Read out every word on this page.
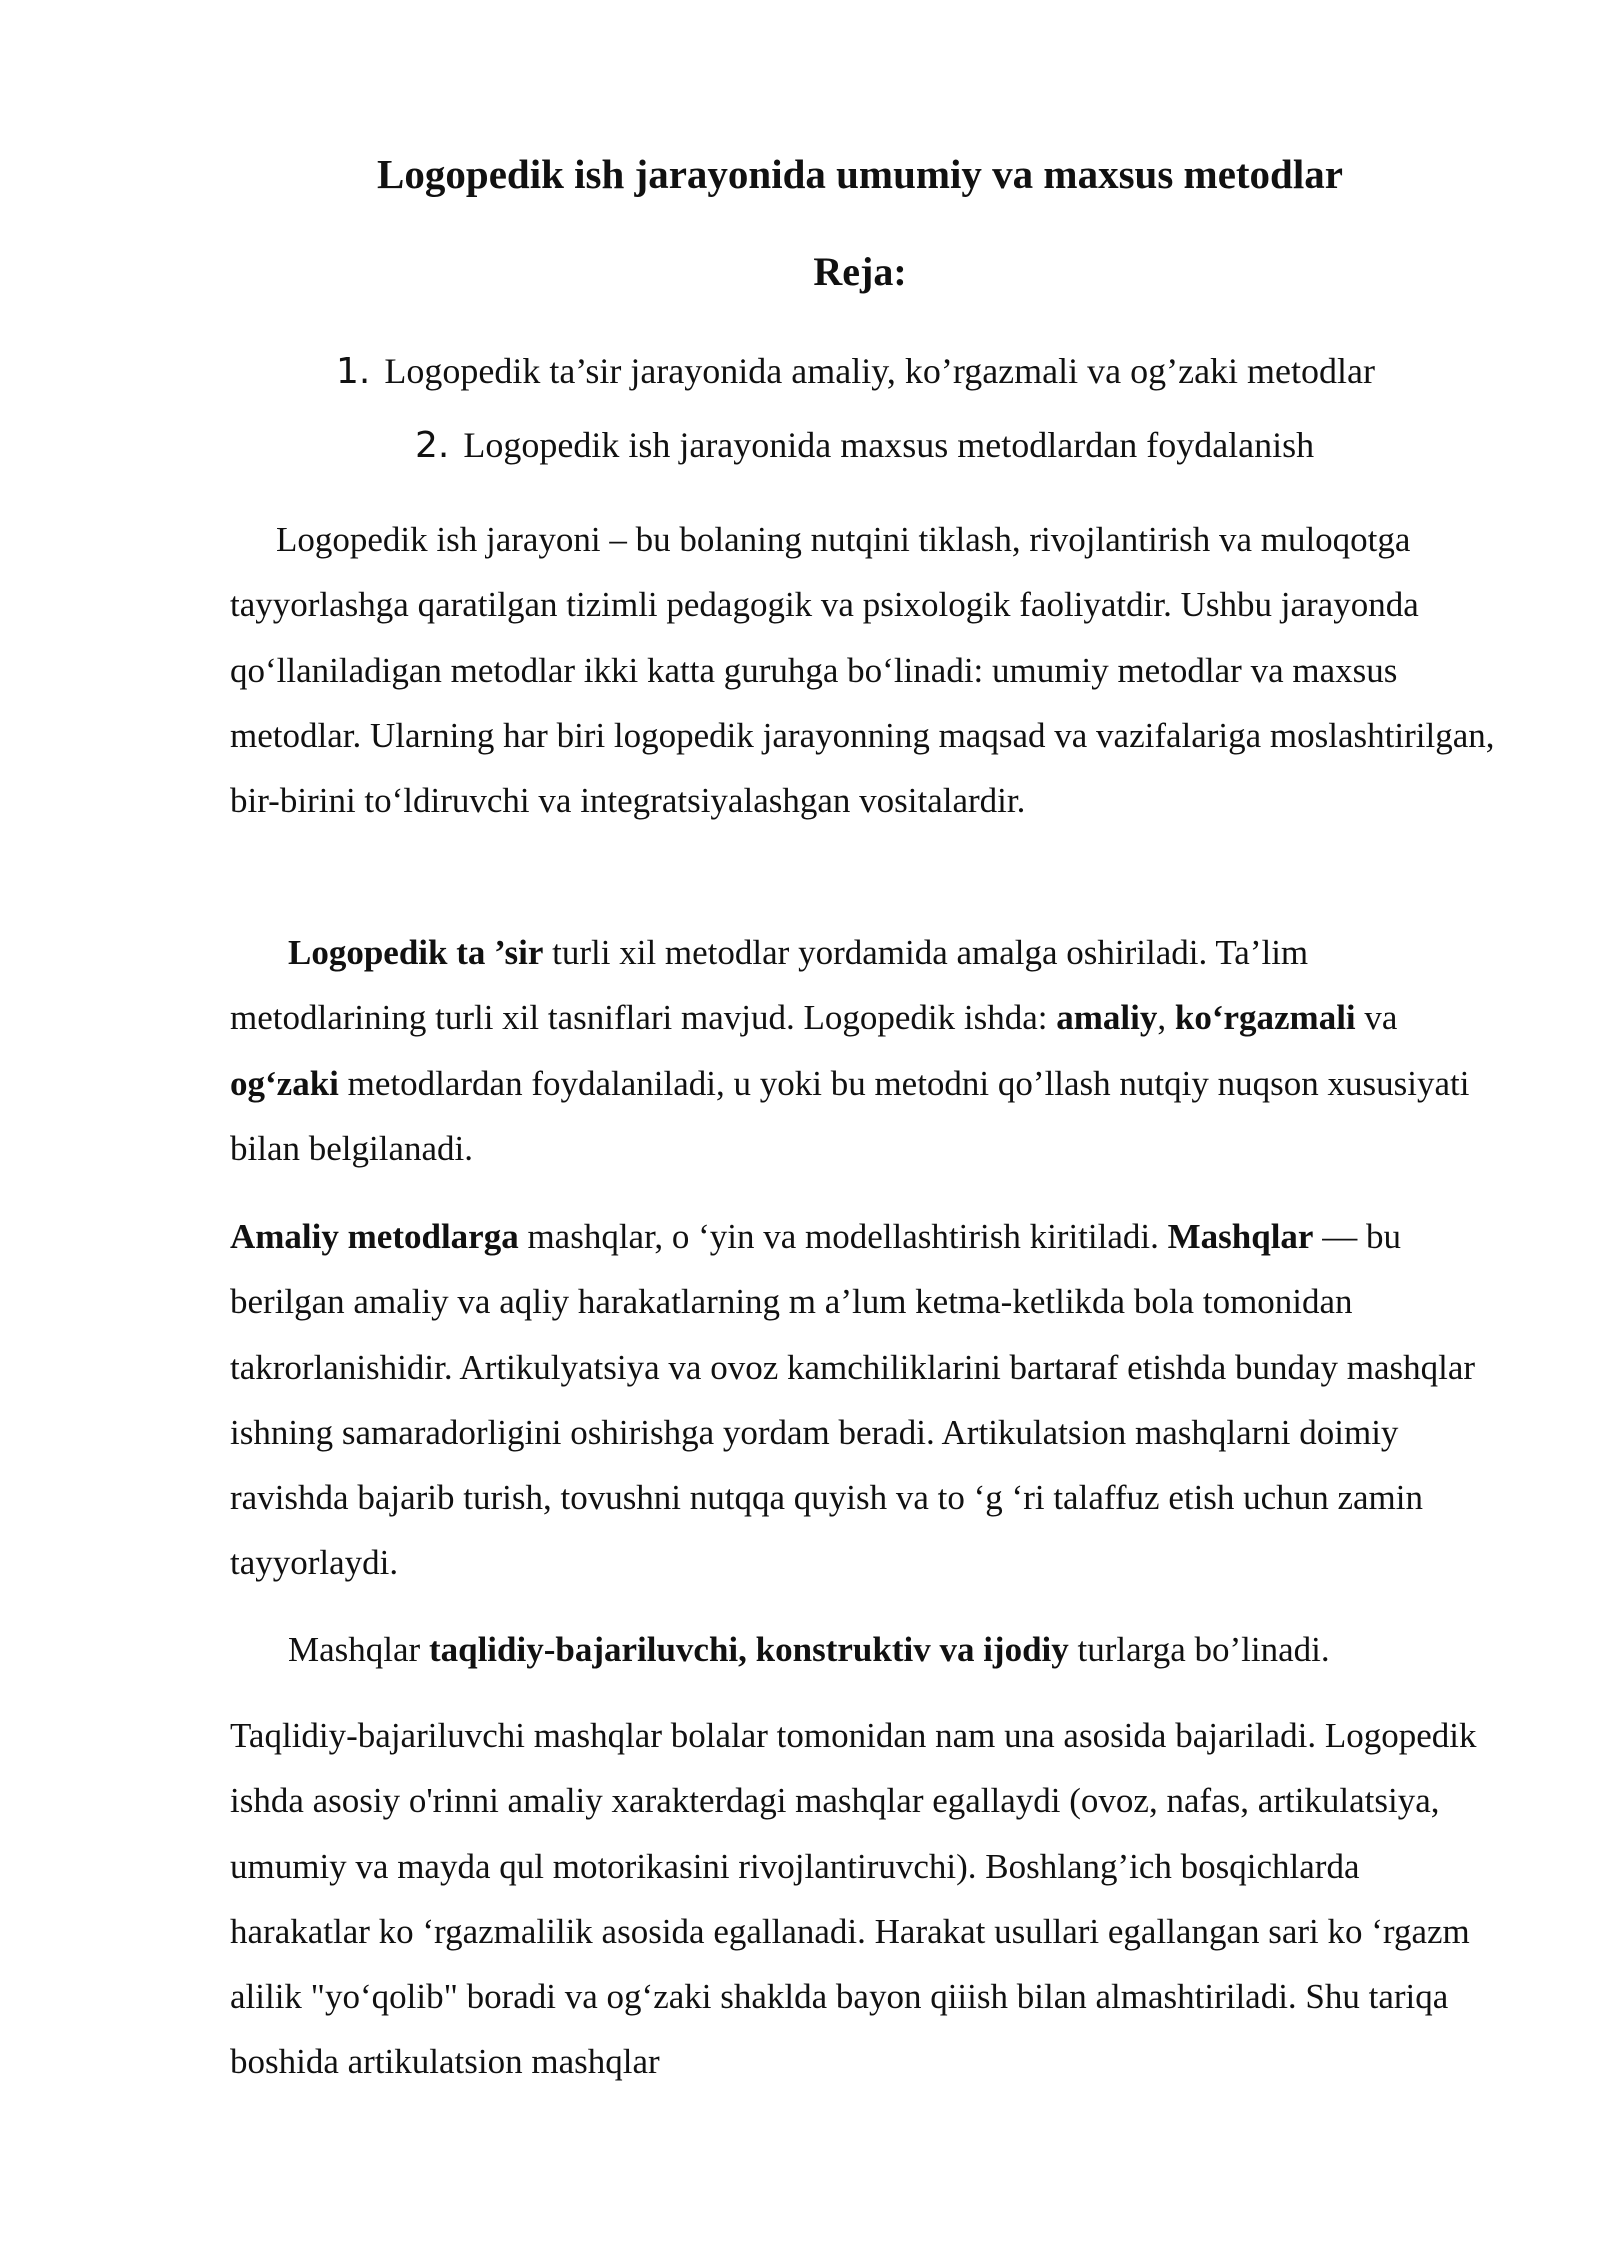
Logopedik ish jarayonida umumiy va maxsus metodlar
Reja:

1. Logopedik ta’sir jarayonida amaliy, ko’rgazmali va og’zaki metodlar

2. Logopedik ish jarayonida maxsus metodlardan foydalanish

Logopedik ish jarayoni – bu bolaning nutqini tiklash, rivojlantirish va muloqotga tayyorlashga qaratilgan tizimli pedagogik va psixologik faoliyatdir. Ushbu jarayonda qo‘llaniladigan metodlar ikki katta guruhga bo‘linadi: umumiy metodlar va maxsus metodlar. Ularning har biri logopedik jarayonning maqsad va vazifalariga moslashtirilgan, bir-birini to‘ldiruvchi va integratsiyalashgan vositalardir.

Logopedik ta ’sir turli xil metodlar yordamida amalga oshiriladi. Ta’lim metodlarining turli xil tasniflari mavjud. Logopedik ishda: amaliy, ko‘rgazmali va og‘zaki metodlardan foydalaniladi, u yoki bu metodni qo’llash nutqiy nuqson xususiyati bilan belgilanadi.

Amaliy metodlarga mashqlar, o ‘yin va modellashtirish kiritiladi. Mashqlar — bu berilgan amaliy va aqliy harakatlarning m a’lum ketma-ketlikda bola tomonidan takrorlanishidir. Artikulyatsiya va ovoz kamchiliklarini bartaraf etishda bunday mashqlar ishning samaradorligini oshirishga yordam beradi. Artikulatsion mashqlarni doimiy ravishda bajarib turish, tovushni nutqqa quyish va to ‘g ‘ri talaffuz etish uchun zamin tayyorlaydi.

Mashqlar taqlidiy-bajariluvchi, konstruktiv va ijodiy turlarga bo’linadi.

Taqlidiy-bajariluvchi mashqlar bolalar tomonidan nam una asosida bajariladi. Logopedik ishda asosiy o'rinni amaliy xarakterdagi mashqlar egallaydi (ovoz, nafas, artikulatsiya, umumiy va mayda qul motorikasini rivojlantiruvchi). Boshlang’ich bosqichlarda harakatlar ko ‘rgazmalilik asosida egallanadi. Harakat usullari egallangan sari ko ‘rgazm alilik "yo‘qolib" boradi va og‘zaki shaklda bayon qiiish bilan almashtiriladi. Shu tariqa boshida artikulatsion mashqlar
